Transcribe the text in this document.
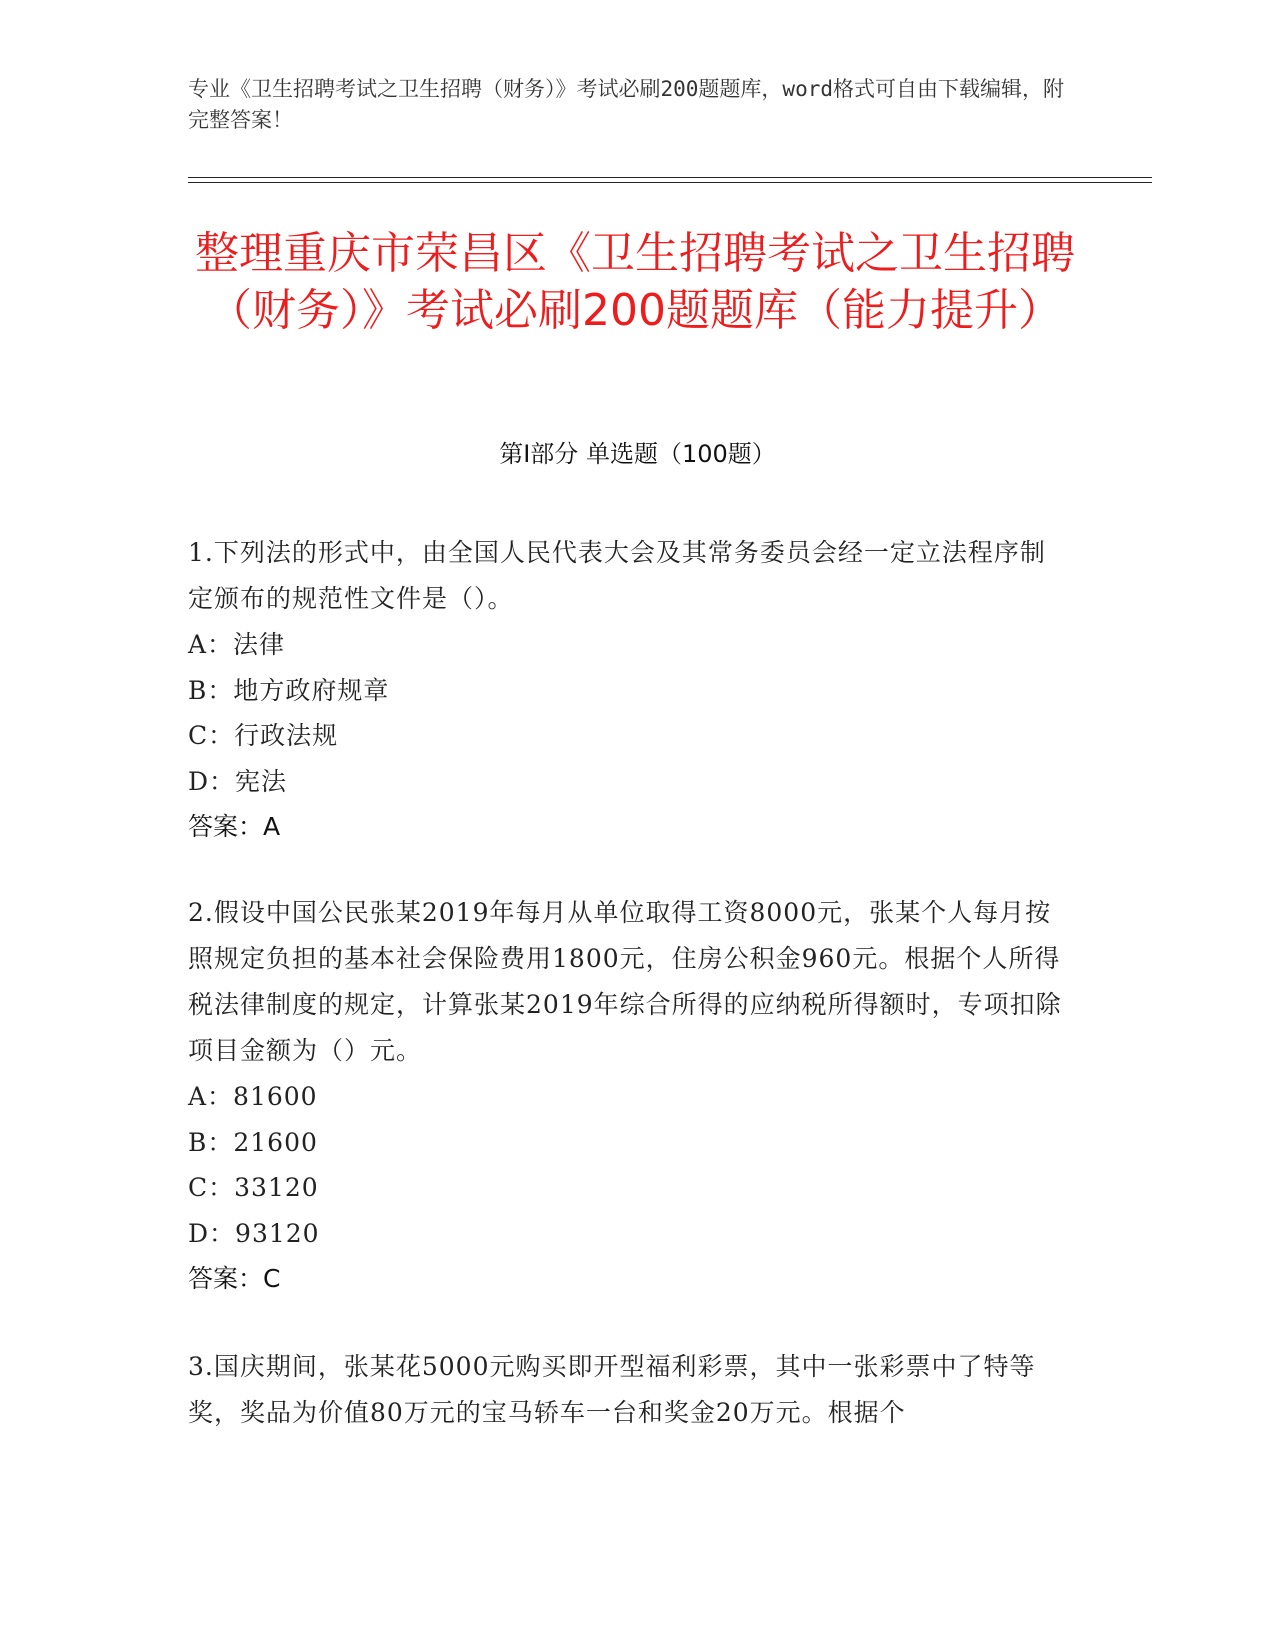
专业《卫生招聘考试之卫生招聘（财务）》考试必刷200题题库，word格式可自由下载编辑，附完整答案！

整理重庆市荣昌区《卫生招聘考试之卫生招聘（财务）》考试必刷200题题库（能力提升）
第Ⅰ部分 单选题（100题）

1.下列法的形式中，由全国人民代表大会及其常务委员会经一定立法程序制定颁布的规范性文件是（）。

A：法律
B：地方政府规章
C：行政法规
D：宪法

答案：A

2.假设中国公民张某2019年每月从单位取得工资8000元，张某个人每月按照规定负担的基本社会保险费用1800元，住房公积金960元。根据个人所得税法律制度的规定，计算张某2019年综合所得的应纳税所得额时，专项扣除项目金额为（）元。

A：81600
B：21600
C：33120
D：93120

答案：C

3.国庆期间，张某花5000元购买即开型福利彩票，其中一张彩票中了特等奖，奖品为价值80万元的宝马轿车一台和奖金20万元。根据个
